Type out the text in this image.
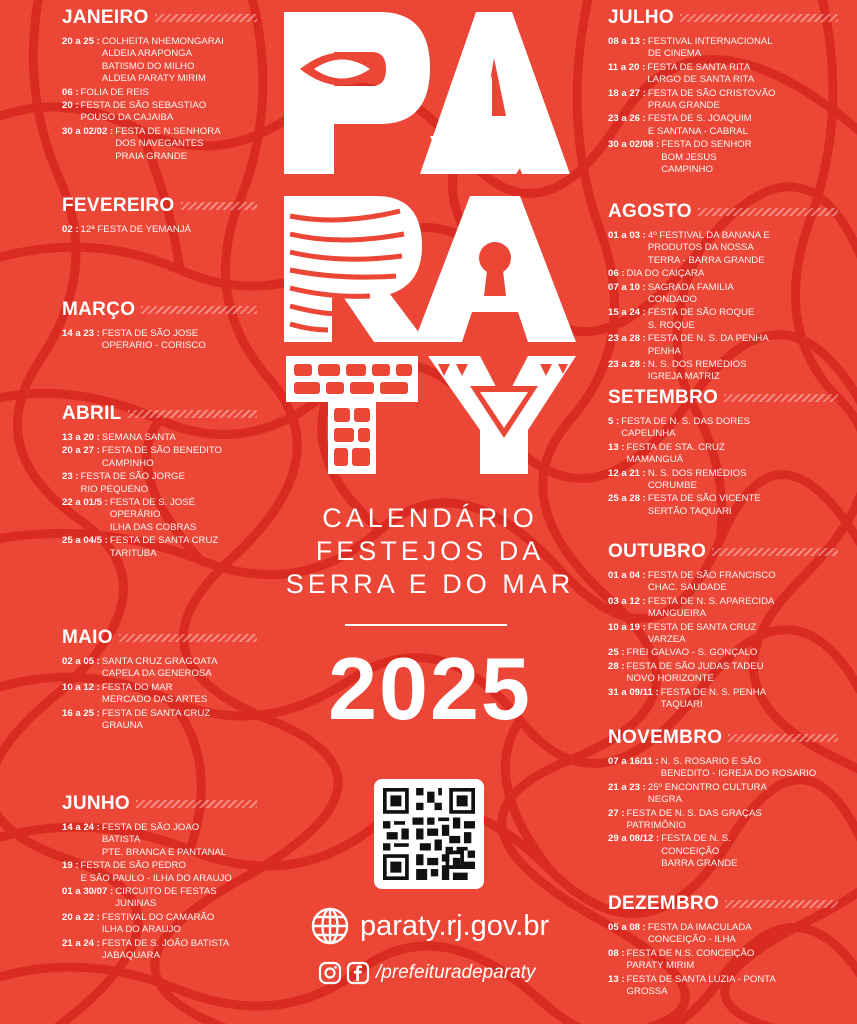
JANEIRO
20 a 25 : COLHEITA NHEMONGARAI
ALDEIA ARAPONGA
BATISMO DO MILHO
ALDEIA PARATY MIRIM
06 : FOLIA DE REIS
20 : FESTA DE SÃO SEBASTIAO
POUSO DA CAJAIBA
30 a 02/02 : FESTA DE N.SENHORA
DOS NAVEGANTES
PRAIA GRANDE
FEVEREIRO
02 : 12ª FESTA DE YEMANJÁ
MARÇO
14 a 23 : FESTA DE SÃO JOSE
OPERARIO - CORISCO
ABRIL
13 a 20 : SEMANA SANTA
20 a 27 : FESTA DE SÃO BENEDITO
CAMPINHO
23 : FESTA DE SÃO JORGE
RIO PEQUENO
22 a 01/5 : FESTA DE S. JOSÉ
OPERÁRIO
ILHA DAS COBRAS
25 a 04/5 : FESTA DE SANTA CRUZ
TARITUBA
MAIO
02 a 05 : SANTA CRUZ GRAGOATA
CAPELA DA GENEROSA
10 a 12 : FESTA DO MAR
MERCADO DAS ARTES
16 a 25 : FESTA DE SANTA CRUZ
GRAUNA
JUNHO
14 a 24 : FESTA DE SÃO JOAO
BATISTA
PTE. BRANCA E PANTANAL
19 : FESTA DE SÃO PEDRO
E SÃO PAULO - ILHA DO ARAUJO
01 a 30/07 : CIRCUITO DE FESTAS
JUNINAS
20 a 22 : FESTIVAL DO CAMARÃO
ILHA DO ARAUJO
21 a 24 : FESTA DE S. JOÃO BATISTA
JABAQUARA
JULHO
08 a 13 : FESTIVAL INTERNACIONAL
DE CINEMA
11 a 20 : FESTA DE SANTA RITA
LARGO DE SANTA RITA
18 a 27 : FESTA DE SÃO CRISTOVÃO
PRAIA GRANDE
23 a 26 : FESTA DE S. JOAQUIM
E SANTANA - CABRAL
30 a 02/08 : FESTA DO SENHOR
BOM JESUS
CAMPINHO
AGOSTO
01 a 03 : 4º FESTIVAL DA BANANA E
PRODUTOS DA NOSSA
TERRA - BARRA GRANDE
06 : DIA DO CAIÇARA
07 a 10 : SAGRADA FAMILIA
CONDADO
15 a 24 : FESTA DE SÃO ROQUE
S. ROQUE
23 a 28 : FESTA DE N. S. DA PENHA
PENHA
23 a 28 : N. S. DOS REMÉDIOS
IGREJA MATRIZ
SETEMBRO
5 : FESTA DE N. S. DAS DORES
CAPELINHA
13 : FESTA DE STA. CRUZ
MAMANGUÁ
12 a 21 : N. S. DOS REMÉDIOS
CORUMBE
25 a 28 : FESTA DE SÃO VICENTE
SERTÃO TAQUARI
OUTUBRO
01 a 04 : FESTA DE SÃO FRANCISCO
CHAC. SAUDADE
03 a 12 : FESTA DE N. S. APARECIDA
MANGUEIRA
10 a 19 : FESTA DE SANTA CRUZ
VARZEA
25 : FREI GALVAO - S. GONÇALO
28 : FESTA DE SÃO JUDAS TADEU
NOVO HORIZONTE
31 a 09/11 : FESTA DE N. S. PENHA
TAQUARI
NOVEMBRO
07 a 16/11 : N. S. ROSARIO E SÃO
BENEDITO - IGREJA DO ROSARIO
21 a 23 : 25º ENCONTRO CULTURA
NEGRA
27 : FESTA DE N. S. DAS GRAÇAS
PATRIMÔNIO
29 a 08/12 : FESTA DE N. S.
CONCEIÇÃO
BARRA GRANDE
DEZEMBRO
05 a 08 : FESTA DA IMACULADA
CONCEIÇÃO - ILHA
08 : FESTA DE N.S. CONCEIÇÃO
PARATY MIRIM
13 : FESTA DE SANTA LUZIA - PONTA
GROSSA
CALENDÁRIO
FESTEJOS DA
SERRA E DO MAR
2025
paraty.rj.gov.br
/prefeituradeparaty
